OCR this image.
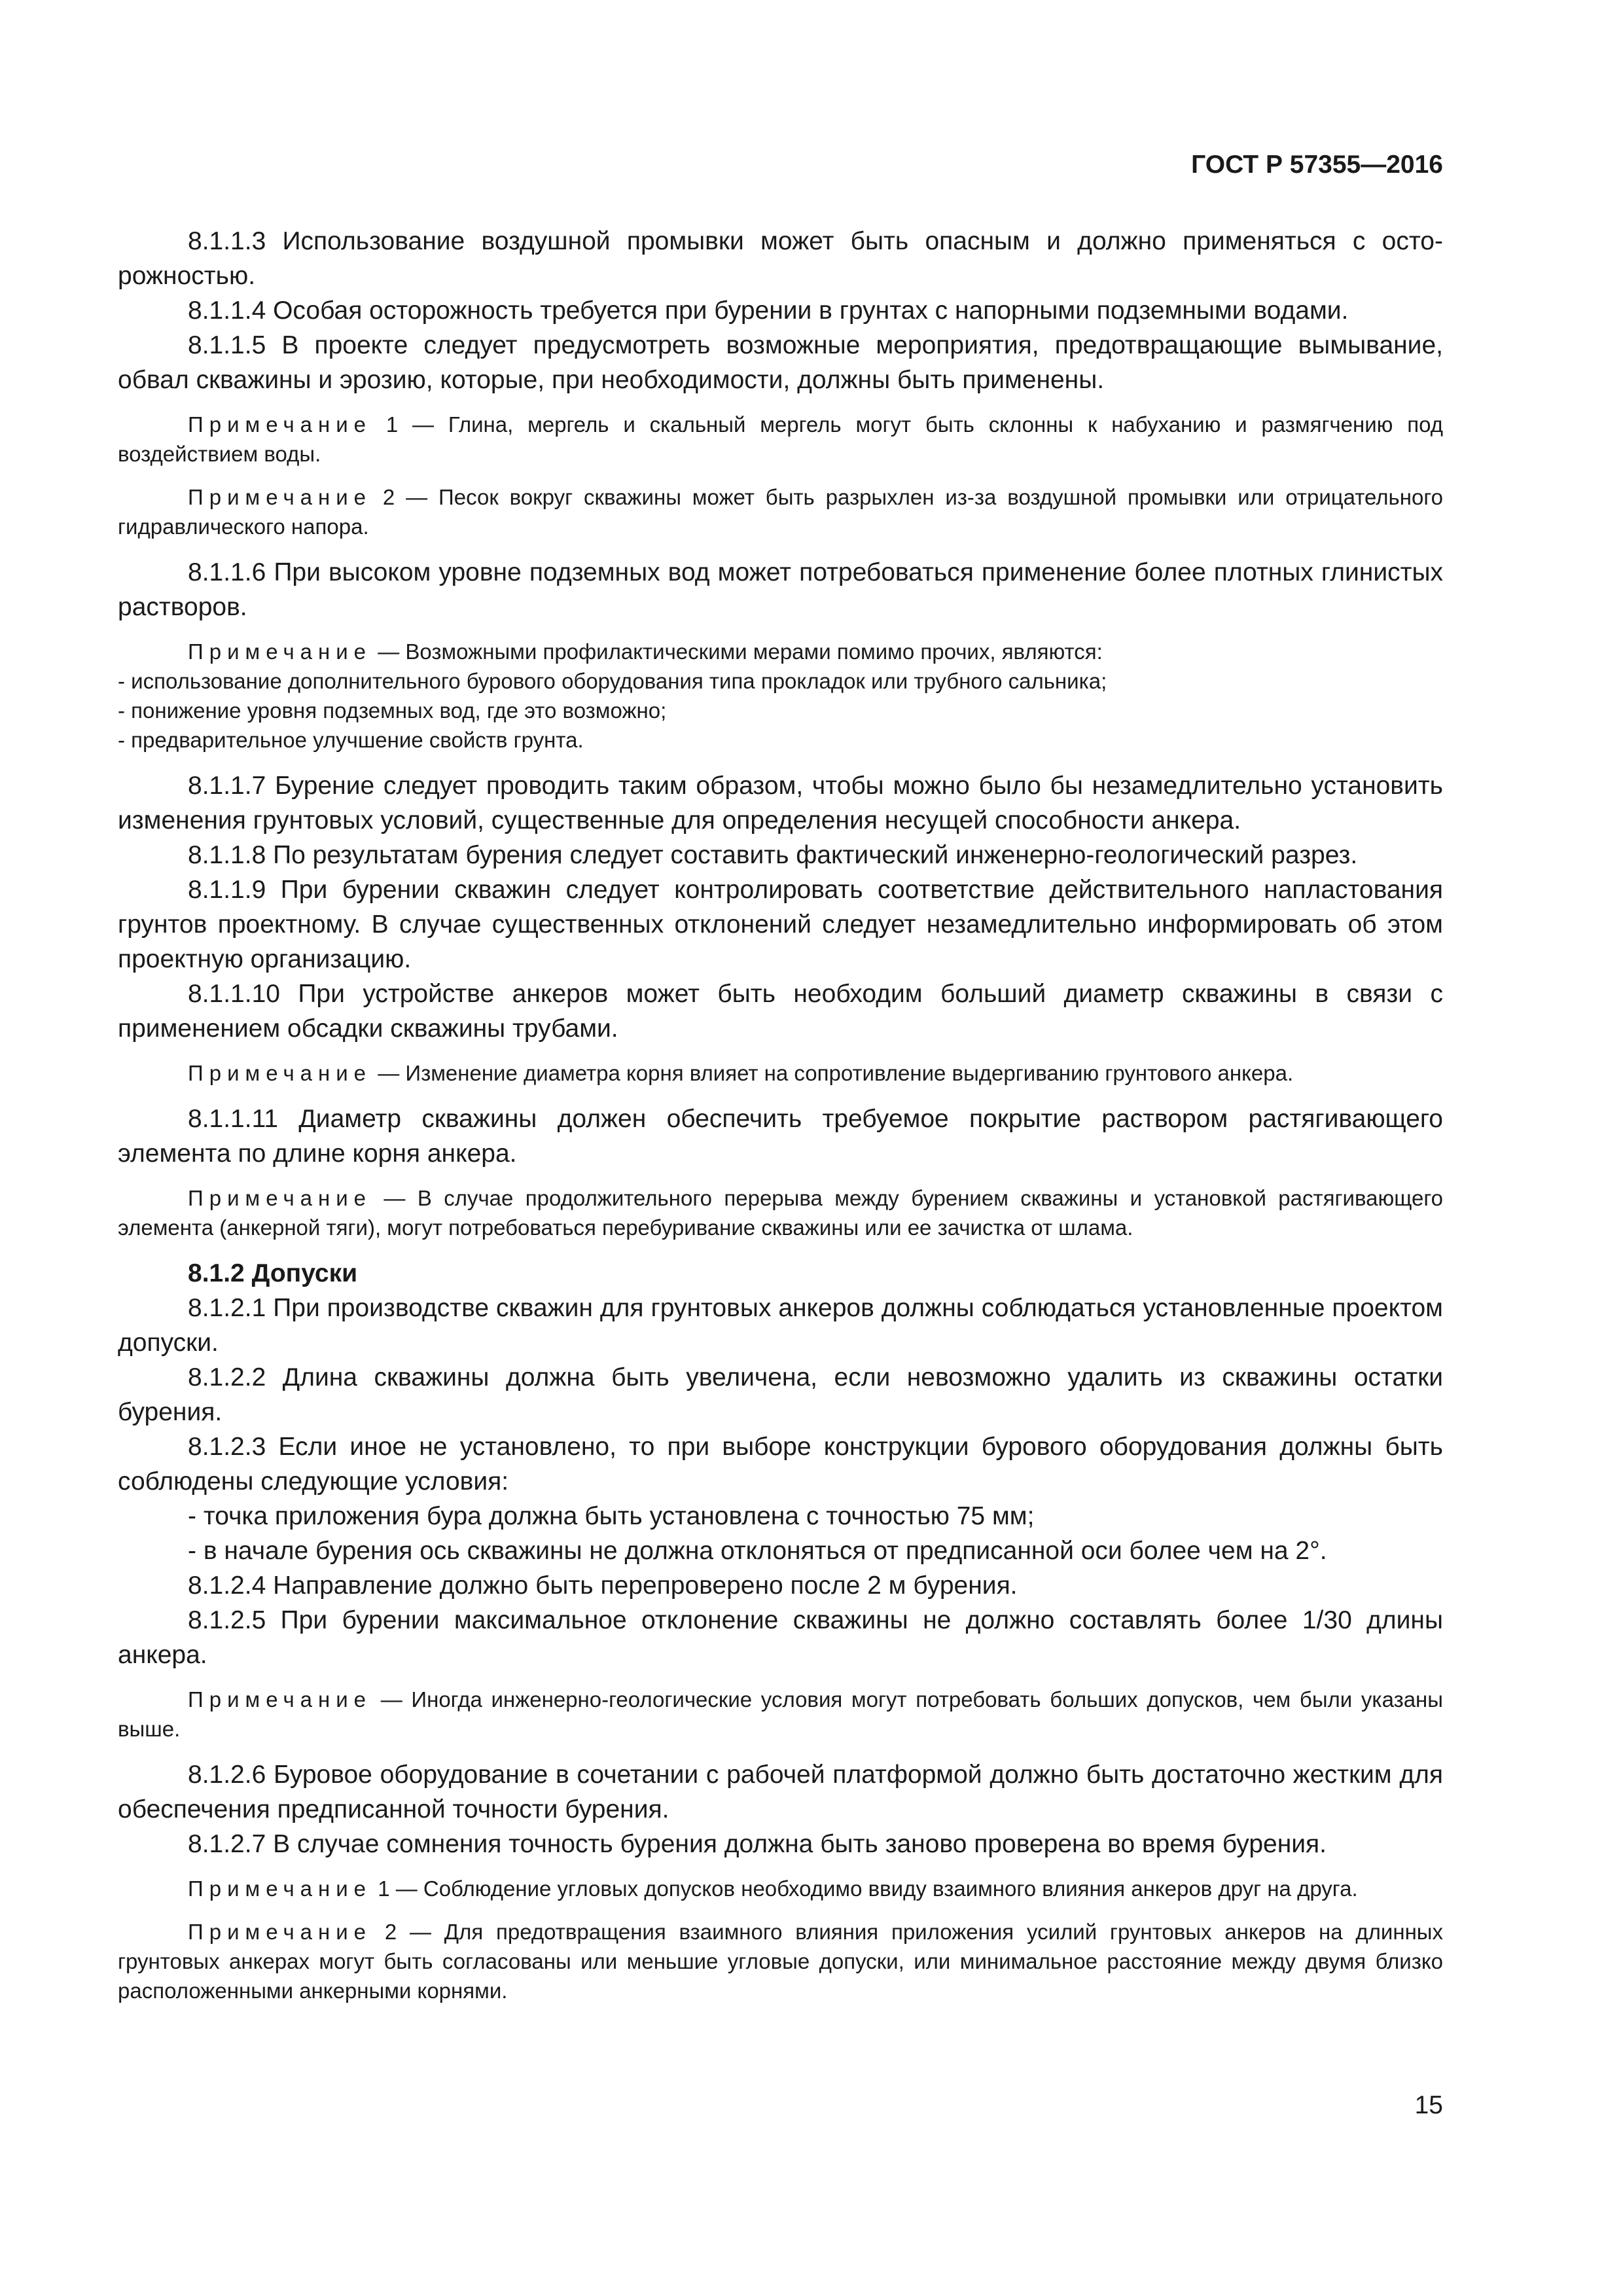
ГОСТ Р 57355—2016

8.1.1.3 Использование воздушной промывки может быть опасным и должно применяться с осторожностью.

8.1.1.4 Особая осторожность требуется при бурении в грунтах с напорными подземными водами.

8.1.1.5 В проекте следует предусмотреть возможные мероприятия, предотвращающие вымывание, обвал скважины и эрозию, которые, при необходимости, должны быть применены.

Примечание 1 — Глина, мергель и скальный мергель могут быть склонны к набуханию и размягчению под воздействием воды.
Примечание 2 — Песок вокруг скважины может быть разрыхлен из-за воздушной промывки или отрицательного гидравлического напора.

8.1.1.6 При высоком уровне подземных вод может потребоваться применение более плотных глинистых растворов.

Примечание — Возможными профилактическими мерами помимо прочих, являются:
- использование дополнительного бурового оборудования типа прокладок или трубного сальника;
- понижение уровня подземных вод, где это возможно;
- предварительное улучшение свойств грунта.

8.1.1.7 Бурение следует проводить таким образом, чтобы можно было бы незамедлительно установить изменения грунтовых условий, существенные для определения несущей способности анкера.

8.1.1.8 По результатам бурения следует составить фактический инженерно-геологический разрез.

8.1.1.9 При бурении скважин следует контролировать соответствие действительного напластования грунтов проектному. В случае существенных отклонений следует незамедлительно информировать об этом проектную организацию.

8.1.1.10 При устройстве анкеров может быть необходим больший диаметр скважины в связи с применением обсадки скважины трубами.

Примечание — Изменение диаметра корня влияет на сопротивление выдергиванию грунтового анкера.

8.1.1.11 Диаметр скважины должен обеспечить требуемое покрытие раствором растягивающего элемента по длине корня анкера.

Примечание — В случае продолжительного перерыва между бурением скважины и установкой растягивающего элемента (анкерной тяги), могут потребоваться перебуривание скважины или ее зачистка от шлама.

8.1.2 Допуски

8.1.2.1 При производстве скважин для грунтовых анкеров должны соблюдаться установленные проектом допуски.

8.1.2.2 Длина скважины должна быть увеличена, если невозможно удалить из скважины остатки бурения.

8.1.2.3 Если иное не установлено, то при выборе конструкции бурового оборудования должны быть соблюдены следующие условия:

- точка приложения бура должна быть установлена с точностью 75 мм;

- в начале бурения ось скважины не должна отклоняться от предписанной оси более чем на 2°.

8.1.2.4 Направление должно быть перепроверено после 2 м бурения.

8.1.2.5 При бурении максимальное отклонение скважины не должно составлять более 1/30 длины анкера.

Примечание — Иногда инженерно-геологические условия могут потребовать больших допусков, чем были указаны выше.

8.1.2.6 Буровое оборудование в сочетании с рабочей платформой должно быть достаточно жестким для обеспечения предписанной точности бурения.

8.1.2.7 В случае сомнения точность бурения должна быть заново проверена во время бурения.

Примечание 1 — Соблюдение угловых допусков необходимо ввиду взаимного влияния анкеров друг на друга.
Примечание 2 — Для предотвращения взаимного влияния приложения усилий грунтовых анкеров на длинных грунтовых анкерах могут быть согласованы или меньшие угловые допуски, или минимальное расстояние между двумя близко расположенными анкерными корнями.
15
